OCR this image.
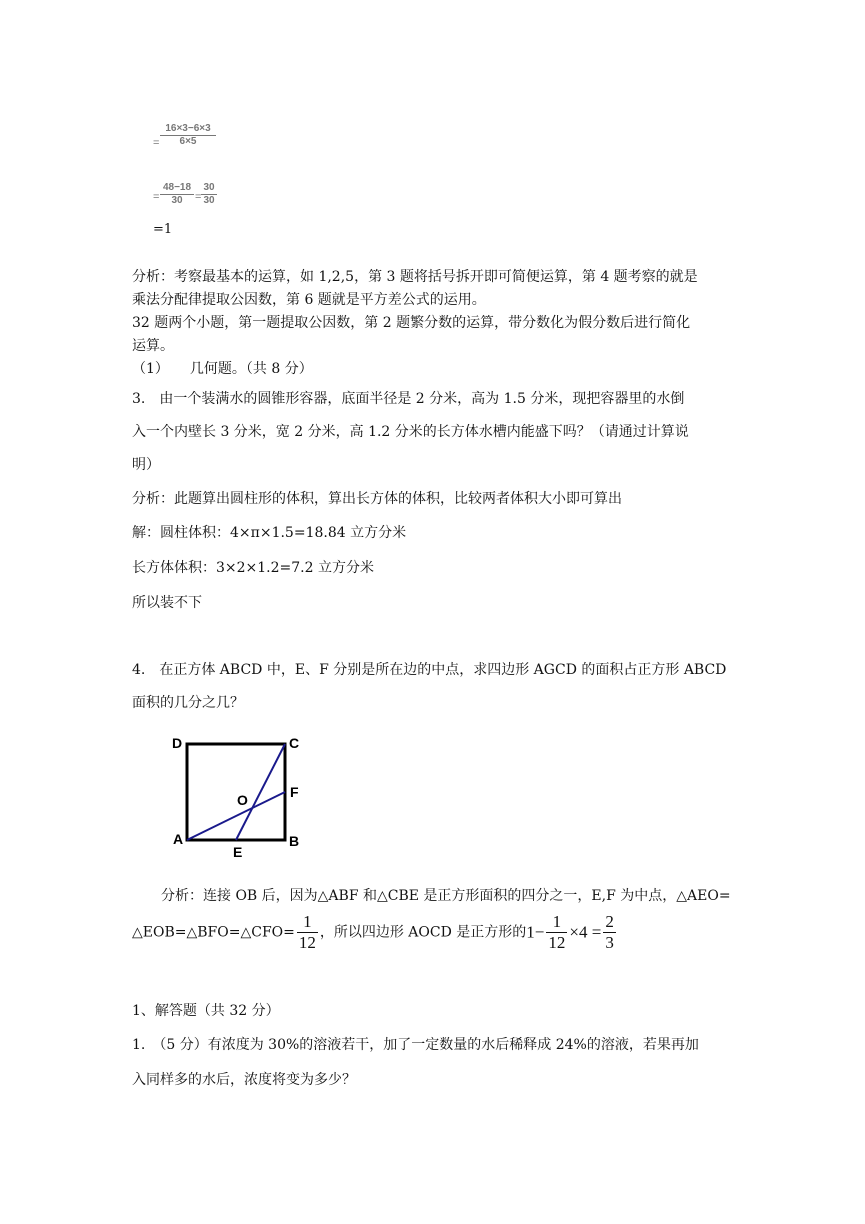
=
16×3−6×3
6×5
=
48−18
30	=
30
30
=1
分析：考察最基本的运算，如 1,2,5，第 3 题将括号拆开即可简便运算，第 4 题考察的就是
乘法分配律提取公因数，第 6 题就是平方差公式的运用。
32 题两个小题，第一题提取公因数，第 2 题繁分数的运算，带分数化为假分数后进行简化
运算。
（1）　　几何题。（共 8 分）
3.　由一个装满水的圆锥形容器，底面半径是 2 分米，高为 1.5 分米，现把容器里的水倒
入一个内壁长 3 分米，宽 2 分米，高 1.2 分米的长方体水槽内能盛下吗？（请通过计算说
明）
分析：此题算出圆柱形的体积，算出长方体的体积，比较两者体积大小即可算出
解：圆柱体积：4×π×1.5=18.84 立方分米
长方体体积：3×2×1.2=7.2 立方分米
所以装不下
4.　在正方体 ABCD 中，E、F 分别是所在边的中点，求四边形 AGCD 的面积占正方形 ABCD
面积的几分之几？
D	C
O	F
A
E
B
分析：连接 OB 后，因为△ABF 和△CBE 是正方形面积的四分之一，E,F 为中点，△AEO=
△EOB=△BFO=△CFO= $\frac{1}{12}$ ，所以四边形 AOCD 是正方形的$1- \frac{1}{12} \times 4 = \frac{2}{3}$
1、解答题（共 32 分）
1.　（5 分）有浓度为 30%的溶液若干，加了一定数量的水后稀释成 24%的溶液，若果再加
入同样多的水后，浓度将变为多少？
